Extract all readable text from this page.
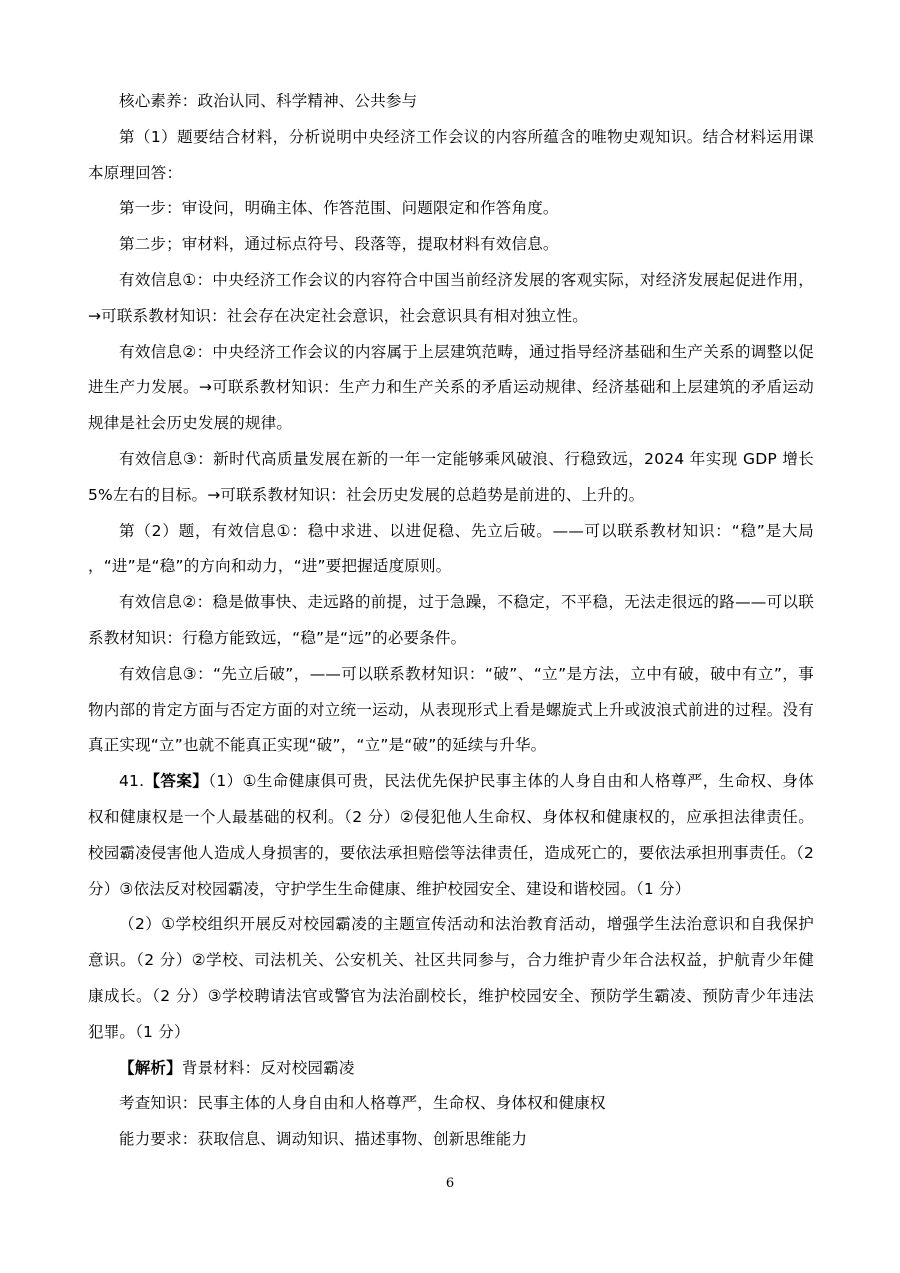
核心素养：政治认同、科学精神、公共参与

第（1）题要结合材料，分析说明中央经济工作会议的内容所蕴含的唯物史观知识。结合材料运用课本原理回答：

第一步：审设问，明确主体、作答范围、问题限定和作答角度。

第二步；审材料，通过标点符号、段落等，提取材料有效信息。

有效信息①：中央经济工作会议的内容符合中国当前经济发展的客观实际，对经济发展起促进作用，→可联系教材知识：社会存在决定社会意识，社会意识具有相对独立性。

有效信息②：中央经济工作会议的内容属于上层建筑范畴，通过指导经济基础和生产关系的调整以促进生产力发展。→可联系教材知识：生产力和生产关系的矛盾运动规律、经济基础和上层建筑的矛盾运动规律是社会历史发展的规律。

有效信息③：新时代高质量发展在新的一年一定能够乘风破浪、行稳致远，2024 年实现 GDP 增长 5%左右的目标。→可联系教材知识：社会历史发展的总趋势是前进的、上升的。

第（2）题，有效信息①：稳中求进、以进促稳、先立后破。——可以联系教材知识：“稳”是大局 ，“进”是“稳”的方向和动力，“进”要把握适度原则。

有效信息②：稳是做事快、走远路的前提，过于急躁，不稳定，不平稳，无法走很远的路——可以联系教材知识：行稳方能致远，“稳”是“远”的必要条件。

有效信息③：“先立后破”，——可以联系教材知识：“破”、“立”是方法，立中有破，破中有立”，事物内部的肯定方面与否定方面的对立统一运动，从表现形式上看是螺旋式上升或波浪式前进的过程。没有真正实现“立”也就不能真正实现“破”，“立”是“破”的延续与升华。

41.【答案】（1）①生命健康俱可贵，民法优先保护民事主体的人身自由和人格尊严，生命权、身体权和健康权是一个人最基础的权利。（2 分）②侵犯他人生命权、身体权和健康权的，应承担法律责任。校园霸凌侵害他人造成人身损害的，要依法承担赔偿等法律责任，造成死亡的，要依法承担刑事责任。（2 分）③依法反对校园霸凌，守护学生生命健康、维护校园安全、建设和谐校园。（1 分）

（2）①学校组织开展反对校园霸凌的主题宣传活动和法治教育活动，增强学生法治意识和自我保护意识。（2 分）②学校、司法机关、公安机关、社区共同参与，合力维护青少年合法权益，护航青少年健康成长。（2 分）③学校聘请法官或警官为法治副校长，维护校园安全、预防学生霸凌、预防青少年违法犯罪。（1 分）

【解析】背景材料：反对校园霸凌

考查知识：民事主体的人身自由和人格尊严，生命权、身体权和健康权

能力要求：获取信息、调动知识、描述事物、创新思维能力

6
